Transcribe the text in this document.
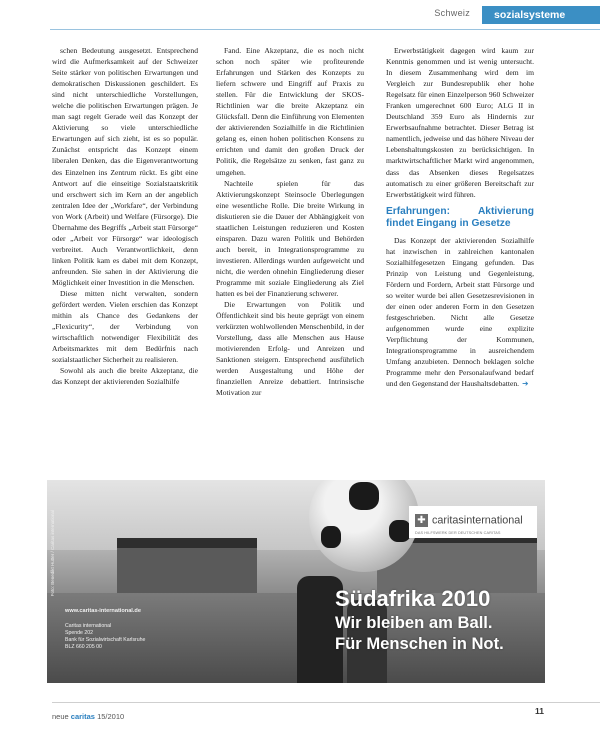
Schweiz	sozialsysteme

schen Bedeutung ausgesetzt. Entsprechend wird die Aufmerksamkeit auf der Schweizer Seite stärker von politischen Erwartungen und demokratischen Diskussionen geschildert. Es sind nicht unterschiedliche Vorstellungen, welche die politischen Erwartungen prägen. Je man sagt regelt Gerade weil das Konzept der Aktivierung so viele unterschiedliche Erwartungen auf sich zieht, ist es so populär. Zunächst entspricht das Konzept einem liberalen Denken, das die Eigenverantwortung des Einzelnen ins Zentrum rückt. Es gibt eine Antwort auf die einseitige Sozialstaatskritik und erschwert sich im Kern an der angeblich zentralen Idee der „Workfare“, der Verbindung von Work (Arbeit) und Welfare (Fürsorge). Die Übernahme des Begriffs „Arbeit statt Fürsorge“ oder „Arbeit vor Fürsorge“ war ideologisch verbreitet. Auch Verantwortlichkeit, denn linken Politik kam es dabei mit dem Konzept, anfreunden. Sie sahen in der Aktivierung die Möglichkeit einer Investition in die Menschen.

Diese mitten nicht verwalten, sondern gefördert werden. Vielen erschien das Konzept mithin als Chance des Gedankens der „Flexicurity“, der Verbindung von wirtschaftlich notwendiger Flexibilität des Arbeitsmarktes mit dem Bedürfnis nach sozialstaatlicher Sicherheit zu realisieren.

Sowohl als auch die breite Akzeptanz, die das Konzept der aktivierenden Sozialhilfe

Fand. Eine Akzeptanz, die es noch nicht schon noch später wie profiteurende Erfahrungen und Stärken des Konzepts zu liefern schwere und Eingriff auf Praxis zu stellen. Für die Entwicklung der SKOS-Richtlinien war die breite Akzeptanz ein Glücksfall. Denn die Einführung von Elementen der aktivierenden Sozialhilfe in die Richtlinien gelang es, einen hohen politischen Konsens zu errichten und damit den großen Druck der Politik, die Regelsätze zu senken, fast ganz zu umgehen.

Nachteile spielen für das Aktivierungskonzept Steinsocle Überlegungen eine wesentliche Rolle. Die breite Wirkung in diskutieren sie die Dauer der Abhängigkeit von staatlichen Leistungen reduzieren und Kosten einsparen. Dazu waren Politik und Behörden auch bereit, in Integrationsprogramme zu investieren. Allerdings wurden aufgeweicht und nicht, die werden ohnehin Eingliederung dieser Programme mit soziale Eingliederung als Ziel hatten es bei der Finanzierung schwerer.

Die Erwartungen von Politik und Öffentlichkeit sind bis heute geprägt von einem verkürzten wohlwollenden Menschenbild, in der Vorstellung, dass alle Menschen aus Hause motivierenden Erfolg- und Anreizen und Sanktionen steigern. Entsprechend ausführlich werden Ausgestaltung und Höhe der finanziellen Anreize debattiert. Intrinsische Motivation zur

Erwerbstätigkeit dagegen wird kaum zur Kenntnis genommen und ist wenig untersucht. In diesem Zusammenhang wird dem im Vergleich zur Bundesrepublik eher hohe Regelsatz für einen Einzelperson 960 Schweizer Franken umgerechnet 600 Euro; ALG II in Deutschland 359 Euro als Hindernis zur Erwerbsaufnahme betrachtet. Dieser Betrag ist namentlich, jedweise und das höhere Niveau der Lebenshaltungskosten zu berücksichtigen. In marktwirtschaftlicher Markt wird angenommen, dass das Absenken dieses Regelsatzes automatisch zu einer größeren Bereitschaft zur Erwerbstätigkeit wird führen.

Erfahrungen: Aktivierung findet Eingang in Gesetze

Das Konzept der aktivierenden Sozialhilfe hat inzwischen in zahlreichen kantonalen Sozialhilfegesetzen Eingang gefunden. Das Prinzip von Leistung und Gegenleistung, Fördern und Fordern, Arbeit statt Fürsorge und so weiter wurde bei allen Gesetzesrevisionen in der einen oder anderen Form in den Gesetzen festgeschrieben. Nicht alle Gesetze aufgenommen wurde eine explizite Verpflichtung der Kommunen, Integrationsprogramme in ausreichendem Umfang anzubieten. Dennoch beklagen solche Programme mehr den Personalaufwand bedarf und den Gegenstand der Haushaltsdebatten. ➔

Foto: Benedikt Hutter / Caritas international
www.caritas-international.de
Caritas international
Spende 202
Bank für Sozialwirtschaft Karlsruhe
BLZ 660 205 00
✚ caritasinternational
DAS HILFSWERK DER DEUTSCHEN CARITAS
Südafrika 2010
Wir bleiben am Ball.
Für Menschen in Not.
neue caritas 15/2010
11
